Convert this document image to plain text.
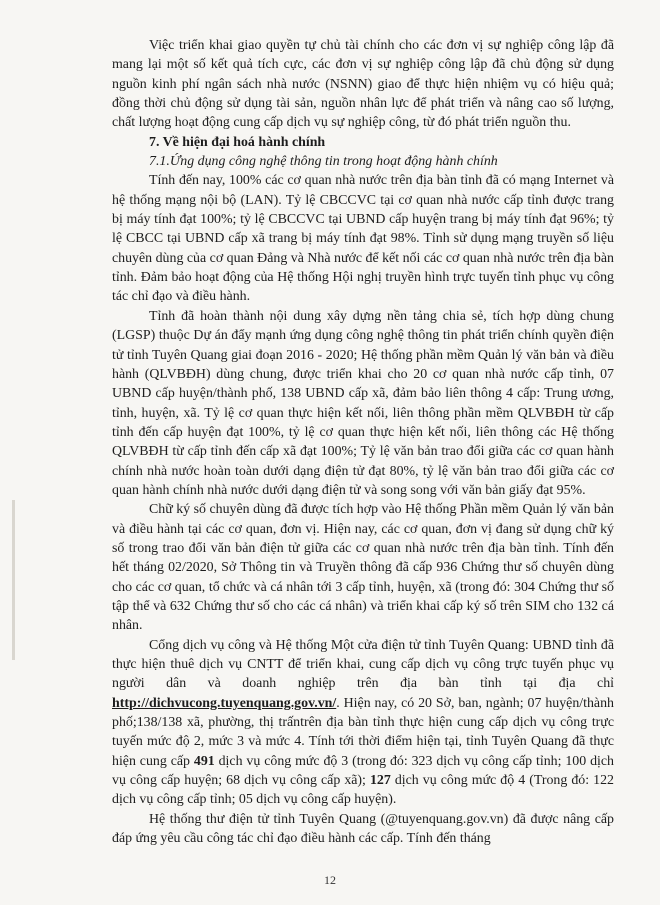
Việc triển khai giao quyền tự chủ tài chính cho các đơn vị sự nghiệp công lập đã mang lại một số kết quả tích cực, các đơn vị sự nghiệp công lập đã chủ động sử dụng nguồn kinh phí ngân sách nhà nước (NSNN) giao để thực hiện nhiệm vụ có hiệu quả; đồng thời chủ động sử dụng tài sản, nguồn nhân lực để phát triển và nâng cao số lượng, chất lượng hoạt động cung cấp dịch vụ sự nghiệp công, từ đó phát triển nguồn thu.

7. Về hiện đại hoá hành chính
7.1.Ứng dụng công nghệ thông tin trong hoạt động hành chính

Tính đến nay, 100% các cơ quan nhà nước trên địa bàn tỉnh đã có mạng Internet và hệ thống mạng nội bộ (LAN). Tỷ lệ CBCCVC tại cơ quan nhà nước cấp tỉnh được trang bị máy tính đạt 100%; tỷ lệ CBCCVC tại UBND cấp huyện trang bị máy tính đạt 96%; tỷ lệ CBCC tại UBND cấp xã trang bị máy tính đạt 98%. Tỉnh sử dụng mạng truyền số liệu chuyên dùng của cơ quan Đảng và Nhà nước để kết nối các cơ quan nhà nước trên địa bàn tỉnh. Đảm bảo hoạt động của Hệ thống Hội nghị truyền hình trực tuyến tỉnh phục vụ công tác chỉ đạo và điều hành.

Tỉnh đã hoàn thành nội dung xây dựng nền tảng chia sẻ, tích hợp dùng chung (LGSP) thuộc Dự án đẩy mạnh ứng dụng công nghệ thông tin phát triển chính quyền điện tử tỉnh Tuyên Quang giai đoạn 2016 - 2020; Hệ thống phần mềm Quản lý văn bản và điều hành (QLVBĐH) dùng chung, được triển khai cho 20 cơ quan nhà nước cấp tỉnh, 07 UBND cấp huyện/thành phố, 138 UBND cấp xã, đảm bảo liên thông 4 cấp: Trung ương, tỉnh, huyện, xã. Tỷ lệ cơ quan thực hiện kết nối, liên thông phần mềm QLVBĐH từ cấp tỉnh đến cấp huyện đạt 100%, tỷ lệ cơ quan thực hiện kết nối, liên thông các Hệ thống QLVBĐH từ cấp tỉnh đến cấp xã đạt 100%; Tỷ lệ văn bản trao đổi giữa các cơ quan hành chính nhà nước hoàn toàn dưới dạng điện tử đạt 80%, tỷ lệ văn bản trao đổi giữa các cơ quan hành chính nhà nước dưới dạng điện tử và song song với văn bản giấy đạt 95%.

Chữ ký số chuyên dùng đã được tích hợp vào Hệ thống Phần mềm Quản lý văn bản và điều hành tại các cơ quan, đơn vị. Hiện nay, các cơ quan, đơn vị đang sử dụng chữ ký số trong trao đổi văn bản điện tử giữa các cơ quan nhà nước trên địa bàn tỉnh. Tính đến hết tháng 02/2020, Sở Thông tin và Truyền thông đã cấp 936 Chứng thư số chuyên dùng cho các cơ quan, tổ chức và cá nhân tới 3 cấp tỉnh, huyện, xã (trong đó: 304 Chứng thư số tập thể và 632 Chứng thư số cho các cá nhân) và triển khai cấp ký số trên SIM cho 132 cá nhân.

Cổng dịch vụ công và Hệ thống Một cửa điện tử tỉnh Tuyên Quang: UBND tỉnh đã thực hiện thuê dịch vụ CNTT để triển khai, cung cấp dịch vụ công trực tuyến phục vụ người dân và doanh nghiệp trên địa bàn tỉnh tại địa chỉ http://dichvucong.tuyenquang.gov.vn/. Hiện nay, có 20 Sở, ban, ngành; 07 huyện/thành phố;138/138 xã, phường, thị trấntrên địa bàn tỉnh thực hiện cung cấp dịch vụ công trực tuyến mức độ 2, mức 3 và mức 4. Tính tới thời điểm hiện tại, tỉnh Tuyên Quang đã thực hiện cung cấp 491 dịch vụ công mức độ 3 (trong đó: 323 dịch vụ công cấp tỉnh; 100 dịch vụ công cấp huyện; 68 dịch vụ công cấp xã); 127 dịch vụ công mức độ 4 (Trong đó: 122 dịch vụ công cấp tỉnh; 05 dịch vụ công cấp huyện).

Hệ thống thư điện tử tỉnh Tuyên Quang (@tuyenquang.gov.vn) đã được nâng cấp đáp ứng yêu cầu công tác chỉ đạo điều hành các cấp. Tính đến tháng

12
